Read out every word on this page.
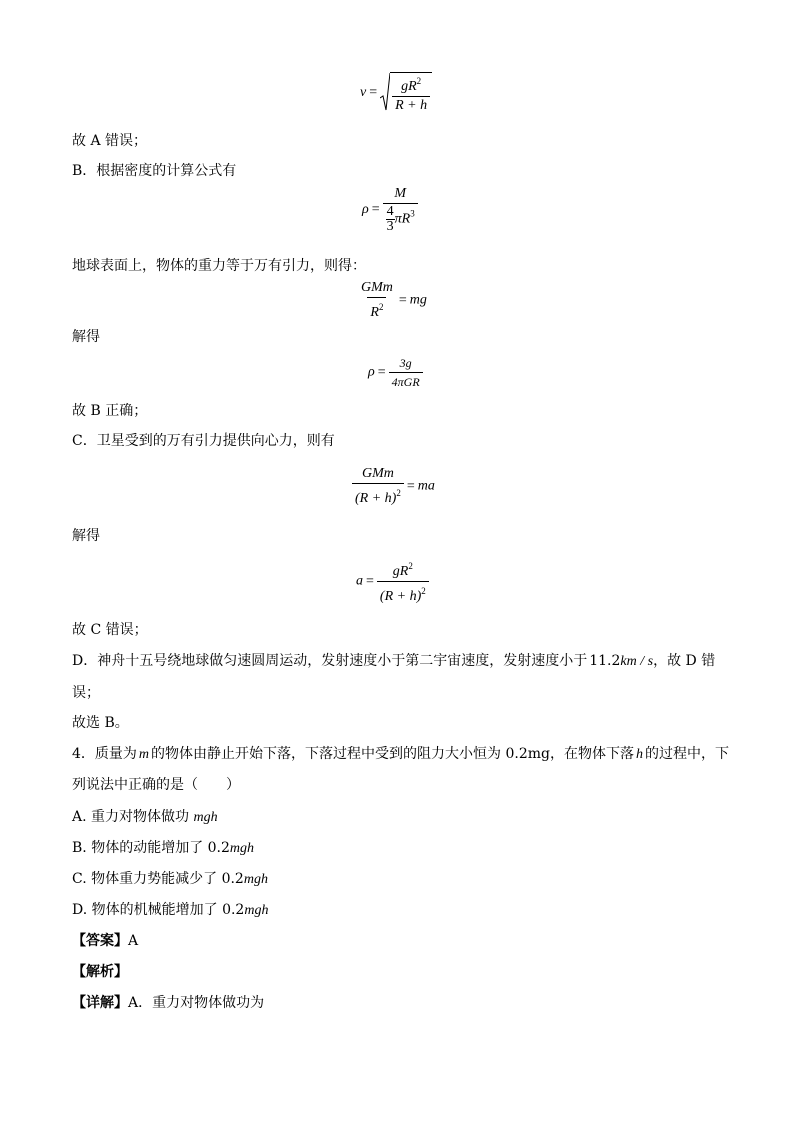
$v = \frac{gR^2}{R + h}$
故 A 错误；
B．根据密度的计算公式有
$\rho = \frac{M}{\frac{4}{3} \pi R^3}$
地球表面上，物体的重力等于万有引力，则得：
$\frac{\text{GMm}}{R^2}$ = mg
解得
$\rho = \frac{3g}{\text{4πGR}}$
故 B 正确；
C．卫星受到的万有引力提供向心力，则有
$\frac{\text{GMm}}{(R + h)^2}$ = ma
解得
$a = \frac{gR^2}{(R + h)^2}$
故 C 错误；
D．神舟十五号绕地球做匀速圆周运动，发射速度小于第二宇宙速度，发射速度小于 11.2km / s，故 D 错
误；
故选 B。
4．质量为 m 的物体由静止开始下落，下落过程中受到的阻力大小恒为 0.2mg，在物体下落 h 的过程中，下
列说法中正确的是（　　）
A. 重力对物体做功 mgh
B. 物体的动能增加了 0.2mgh
C. 物体重力势能减少了 0.2mgh
D. 物体的机械能增加了 0.2mgh
【答案】A
【解析】
【详解】A．重力对物体做功为
